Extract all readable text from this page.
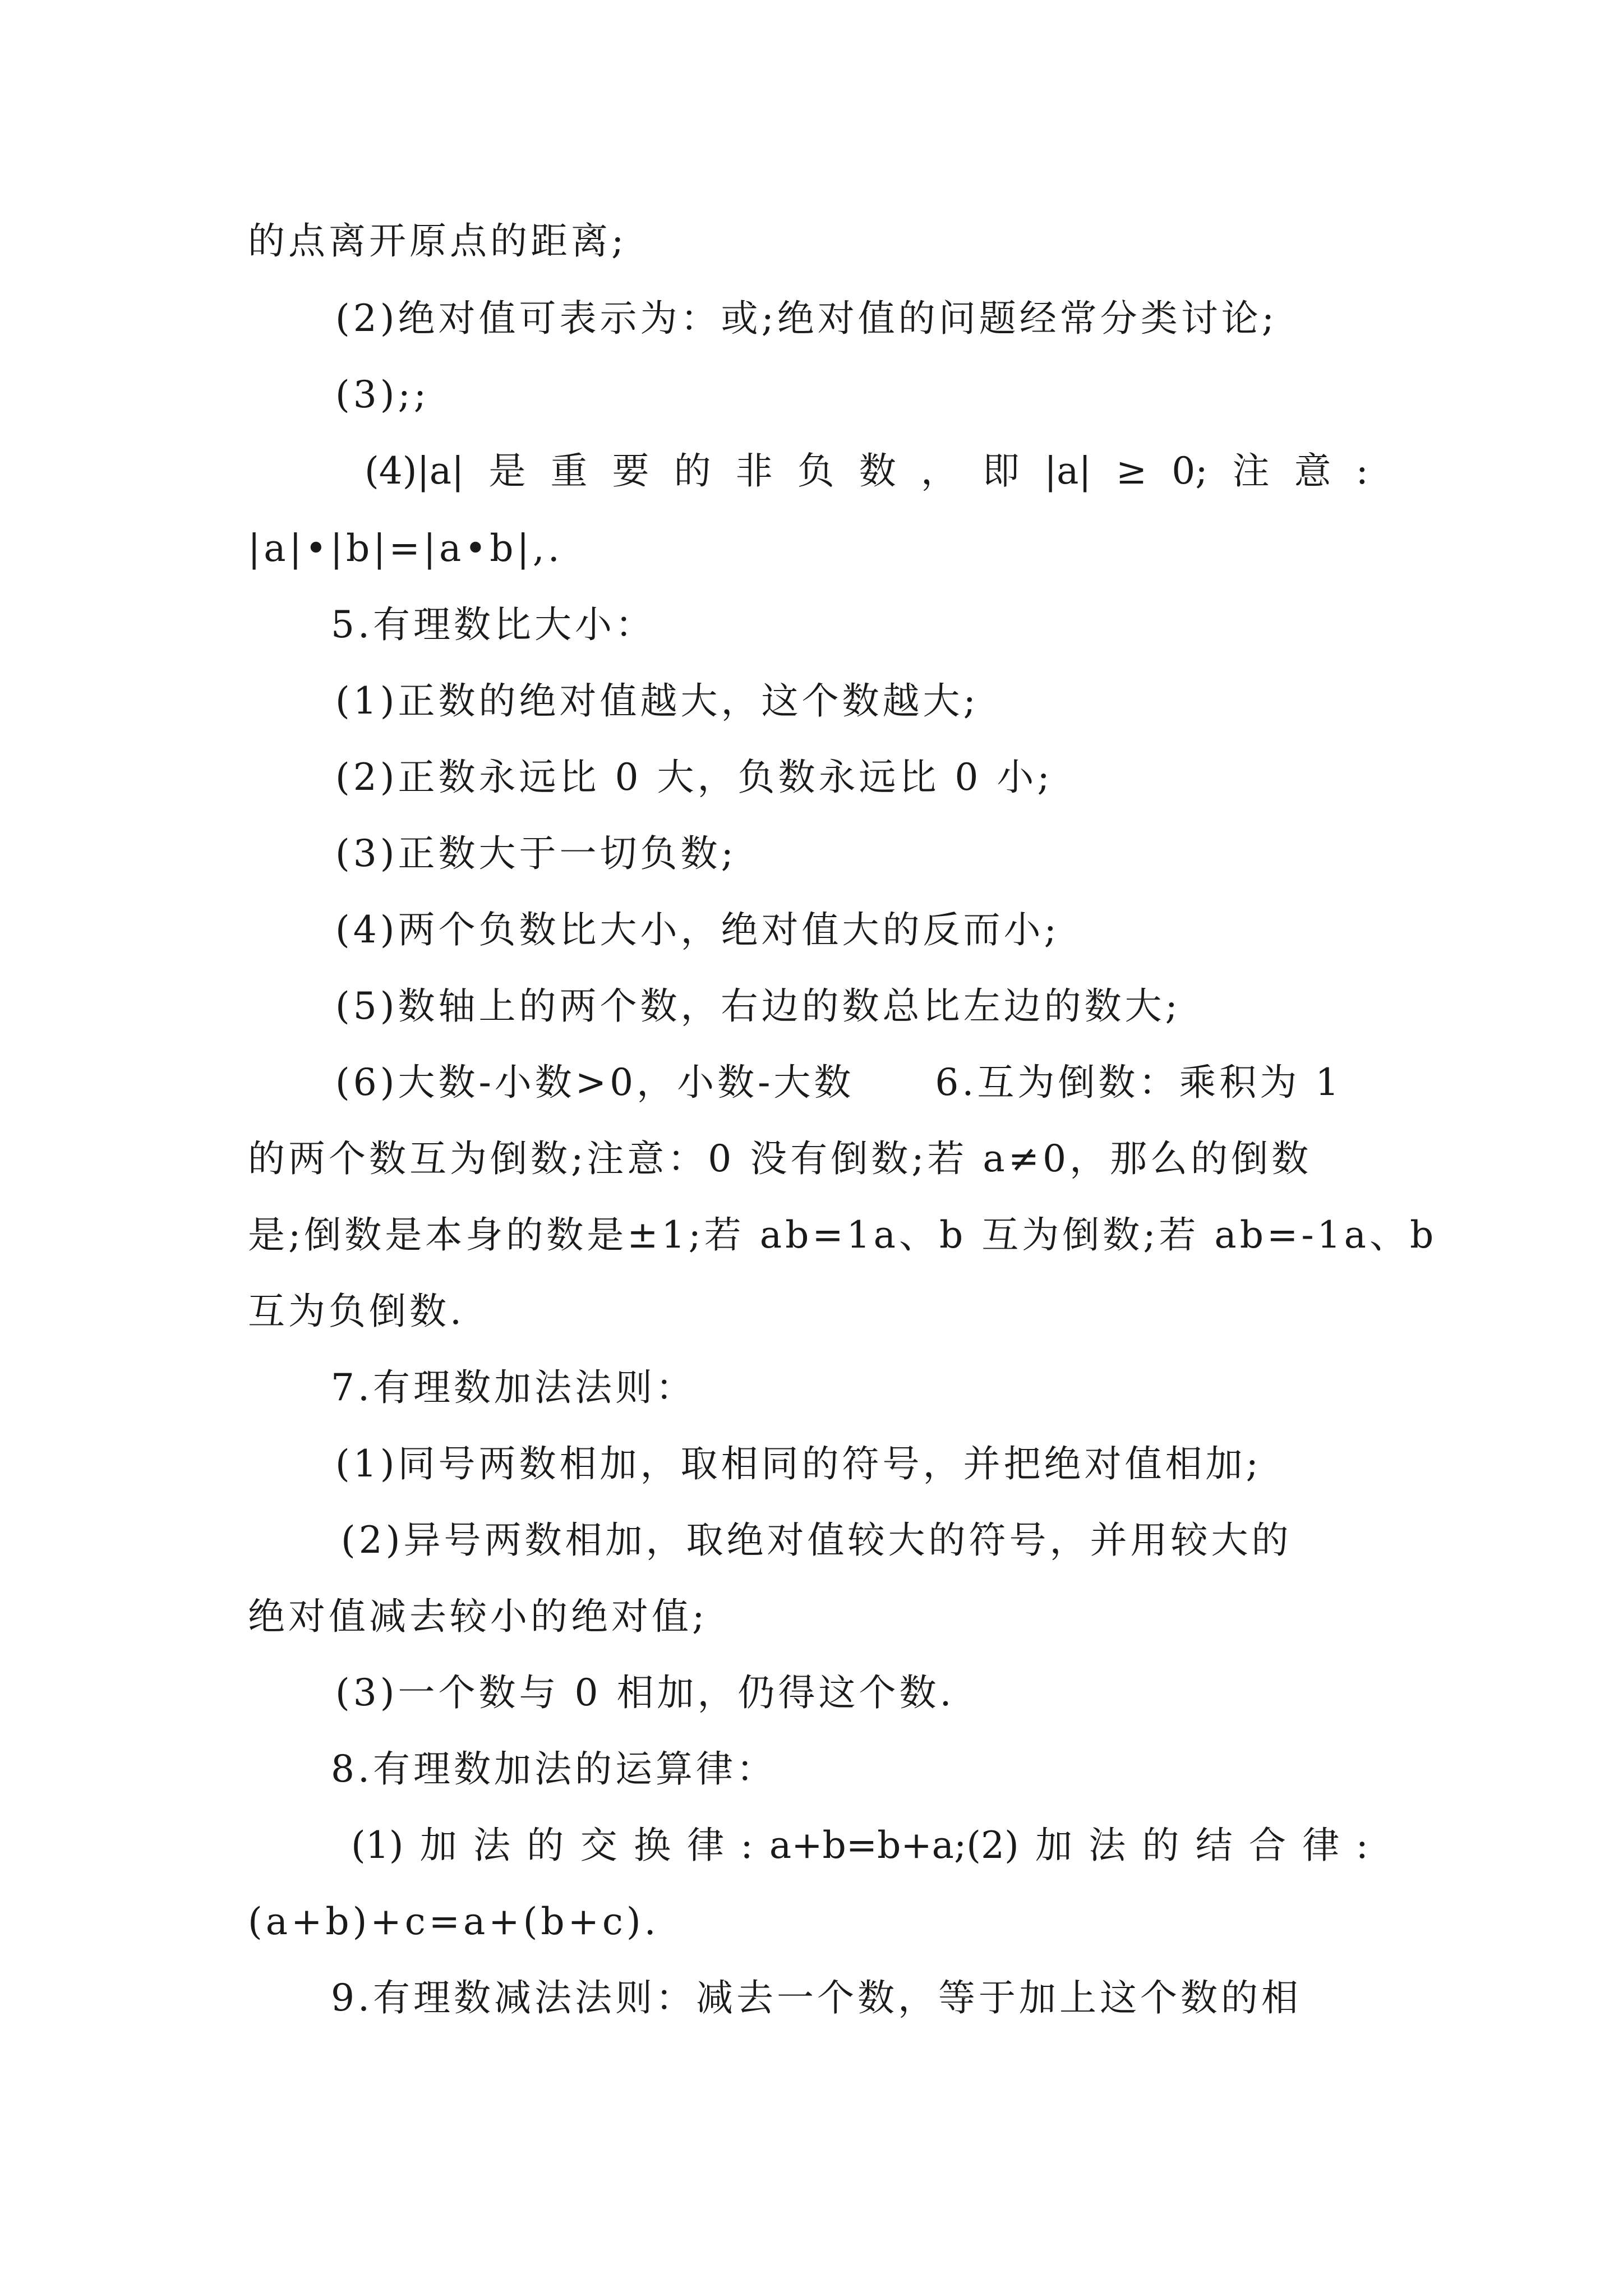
的点离开原点的距离;
(2)绝对值可表示为：或;绝对值的问题经常分类讨论;
(3);;
(4)|a| 是 重 要 的 非 负 数 ， 即 |a| ≥ 0; 注 意 :
|a|•|b|=|a•b|,.
5.有理数比大小：
(1)正数的绝对值越大，这个数越大;
(2)正数永远比 0 大，负数永远比 0 小;
(3)正数大于一切负数;
(4)两个负数比大小，绝对值大的反而小;
(5)数轴上的两个数，右边的数总比左边的数大;
(6)大数-小数>0，小数-大数　　6.互为倒数：乘积为 1
的两个数互为倒数;注意：0 没有倒数;若 a≠0，那么的倒数
是;倒数是本身的数是±1;若 ab=1a、b 互为倒数;若 ab=-1a、b
互为负倒数.
7.有理数加法法则：
(1)同号两数相加，取相同的符号，并把绝对值相加;
(2)异号两数相加，取绝对值较大的符号，并用较大的
绝对值减去较小的绝对值;
(3)一个数与 0 相加，仍得这个数.
8.有理数加法的运算律：
(1) 加 法 的 交 换 律 : a+b=b+a;(2) 加 法 的 结 合 律 :
(a+b)+c=a+(b+c).
9.有理数减法法则：减去一个数，等于加上这个数的相
